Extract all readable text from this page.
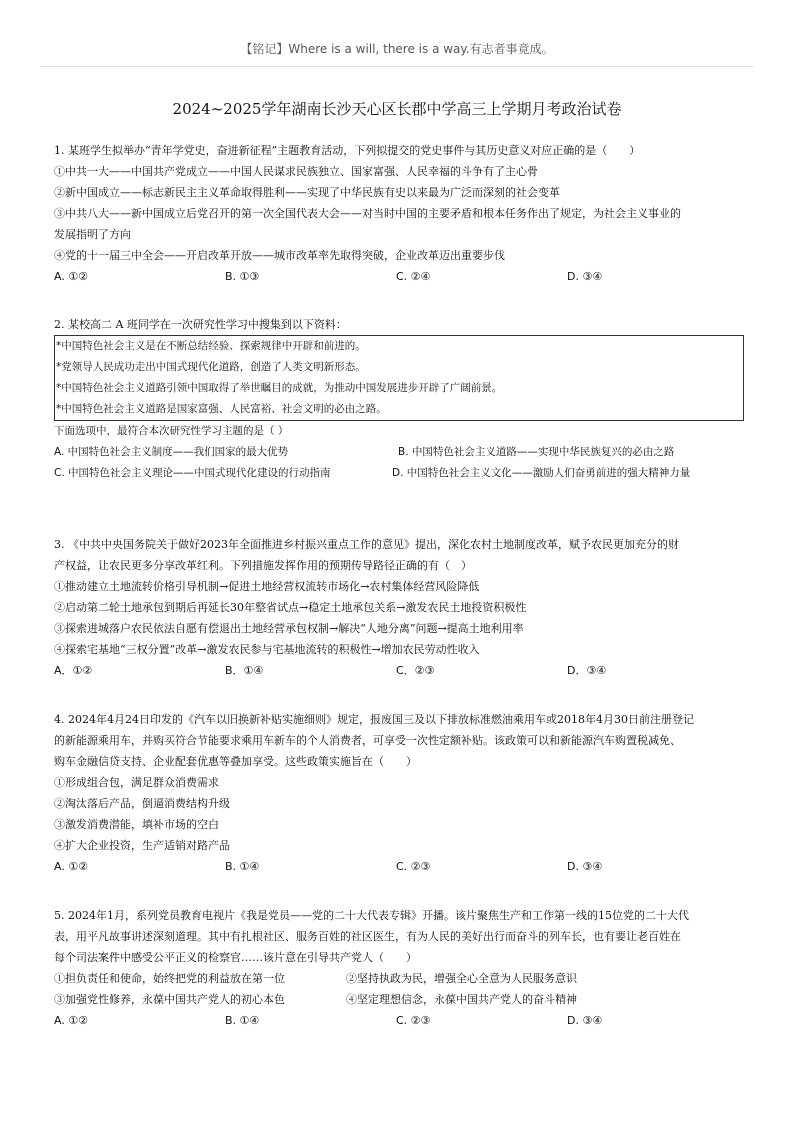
【铭记】Where is a will, there is a way.有志者事竟成。
2024~2025学年湖南长沙天心区长郡中学高三上学期月考政治试卷

1. 某班学生拟举办“青年学党史，奋进新征程”主题教育活动，下列拟提交的党史事件与其历史意义对应正确的是（　　）

①中共一大——中国共产党成立——中国人民谋求民族独立、国家富强、人民幸福的斗争有了主心骨

②新中国成立——标志新民主主义革命取得胜利——实现了中华民族有史以来最为广泛而深刻的社会变革

③中共八大——新中国成立后党召开的第一次全国代表大会——对当时中国的主要矛盾和根本任务作出了规定，为社会主义事业的

发展指明了方向

④党的十一届三中全会——开启改革开放——城市改革率先取得突破，企业改革迈出重要步伐

A. ①②	B. ①③	C. ②④	D. ③④

2. 某校高二 A 班同学在一次研究性学习中搜集到以下资料：

*中国特色社会主义是在不断总结经验、探索规律中开辟和前进的。

*党领导人民成功走出中国式现代化道路，创造了人类文明新形态。

*中国特色社会主义道路引领中国取得了举世瞩目的成就，为推动中国发展进步开辟了广阔前景。

*中国特色社会主义道路是国家富强、人民富裕、社会文明的必由之路。

下面选项中，最符合本次研究性学习主题的是（ ）

A. 中国特色社会主义制度——我们国家的最大优势	B. 中国特色社会主义道路——实现中华民族复兴的必由之路
C. 中国特色社会主义理论——中国式现代化建设的行动指南	D. 中国特色社会主义文化——激励人们奋勇前进的强大精神力量

3. 《中共中央国务院关于做好2023年全面推进乡村振兴重点工作的意见》提出，深化农村土地制度改革，赋予农民更加充分的财

产权益，让农民更多分享改革红利。下列措施发挥作用的预期传导路径正确的有（　）

①推动建立土地流转价格引导机制→促进土地经营权流转市场化→农村集体经营风险降低

②启动第二轮土地承包到期后再延长30年整省试点→稳定土地承包关系→激发农民土地投资积极性

③探索进城落户农民依法自愿有偿退出土地经营承包权制→解决“人地分离”问题→提高土地利用率

④探索宅基地“三权分置”改革→激发农民参与宅基地流转的积极性→增加农民劳动性收入

A．①②	B．①④	C．②③	D．③④

4. 2024年4月24日印发的《汽车以旧换新补贴实施细则》规定，报废国三及以下排放标准燃油乘用车或2018年4月30日前注册登记

的新能源乘用车，并购买符合节能要求乘用车新车的个人消费者，可享受一次性定额补贴。该政策可以和新能源汽车购置税减免、

购车金融信贷支持、企业配套优惠等叠加享受。这些政策实施旨在（　　）

①形成组合包，满足群众消费需求

②淘汰落后产品，倒逼消费结构升级

③激发消费潜能，填补市场的空白

④扩大企业投资，生产适销对路产品

A. ①②	B. ①④	C. ②③	D. ③④

5. 2024年1月，系列党员教育电视片《我是党员——党的二十大代表专辑》开播。该片聚焦生产和工作第一线的15位党的二十大代

表，用平凡故事讲述深刻道理。其中有扎根社区、服务百姓的社区医生，有为人民的美好出行而奋斗的列车长，也有要让老百姓在

每个司法案件中感受公平正义的检察官……该片意在引导共产党人（　　）

①担负责任和使命，始终把党的利益放在第一位	②坚持执政为民，增强全心全意为人民服务意识
③加强党性修养，永葆中国共产党人的初心本色	④坚定理想信念，永葆中国共产党人的奋斗精神
A. ①②	B. ①④	C. ②③	D. ③④
